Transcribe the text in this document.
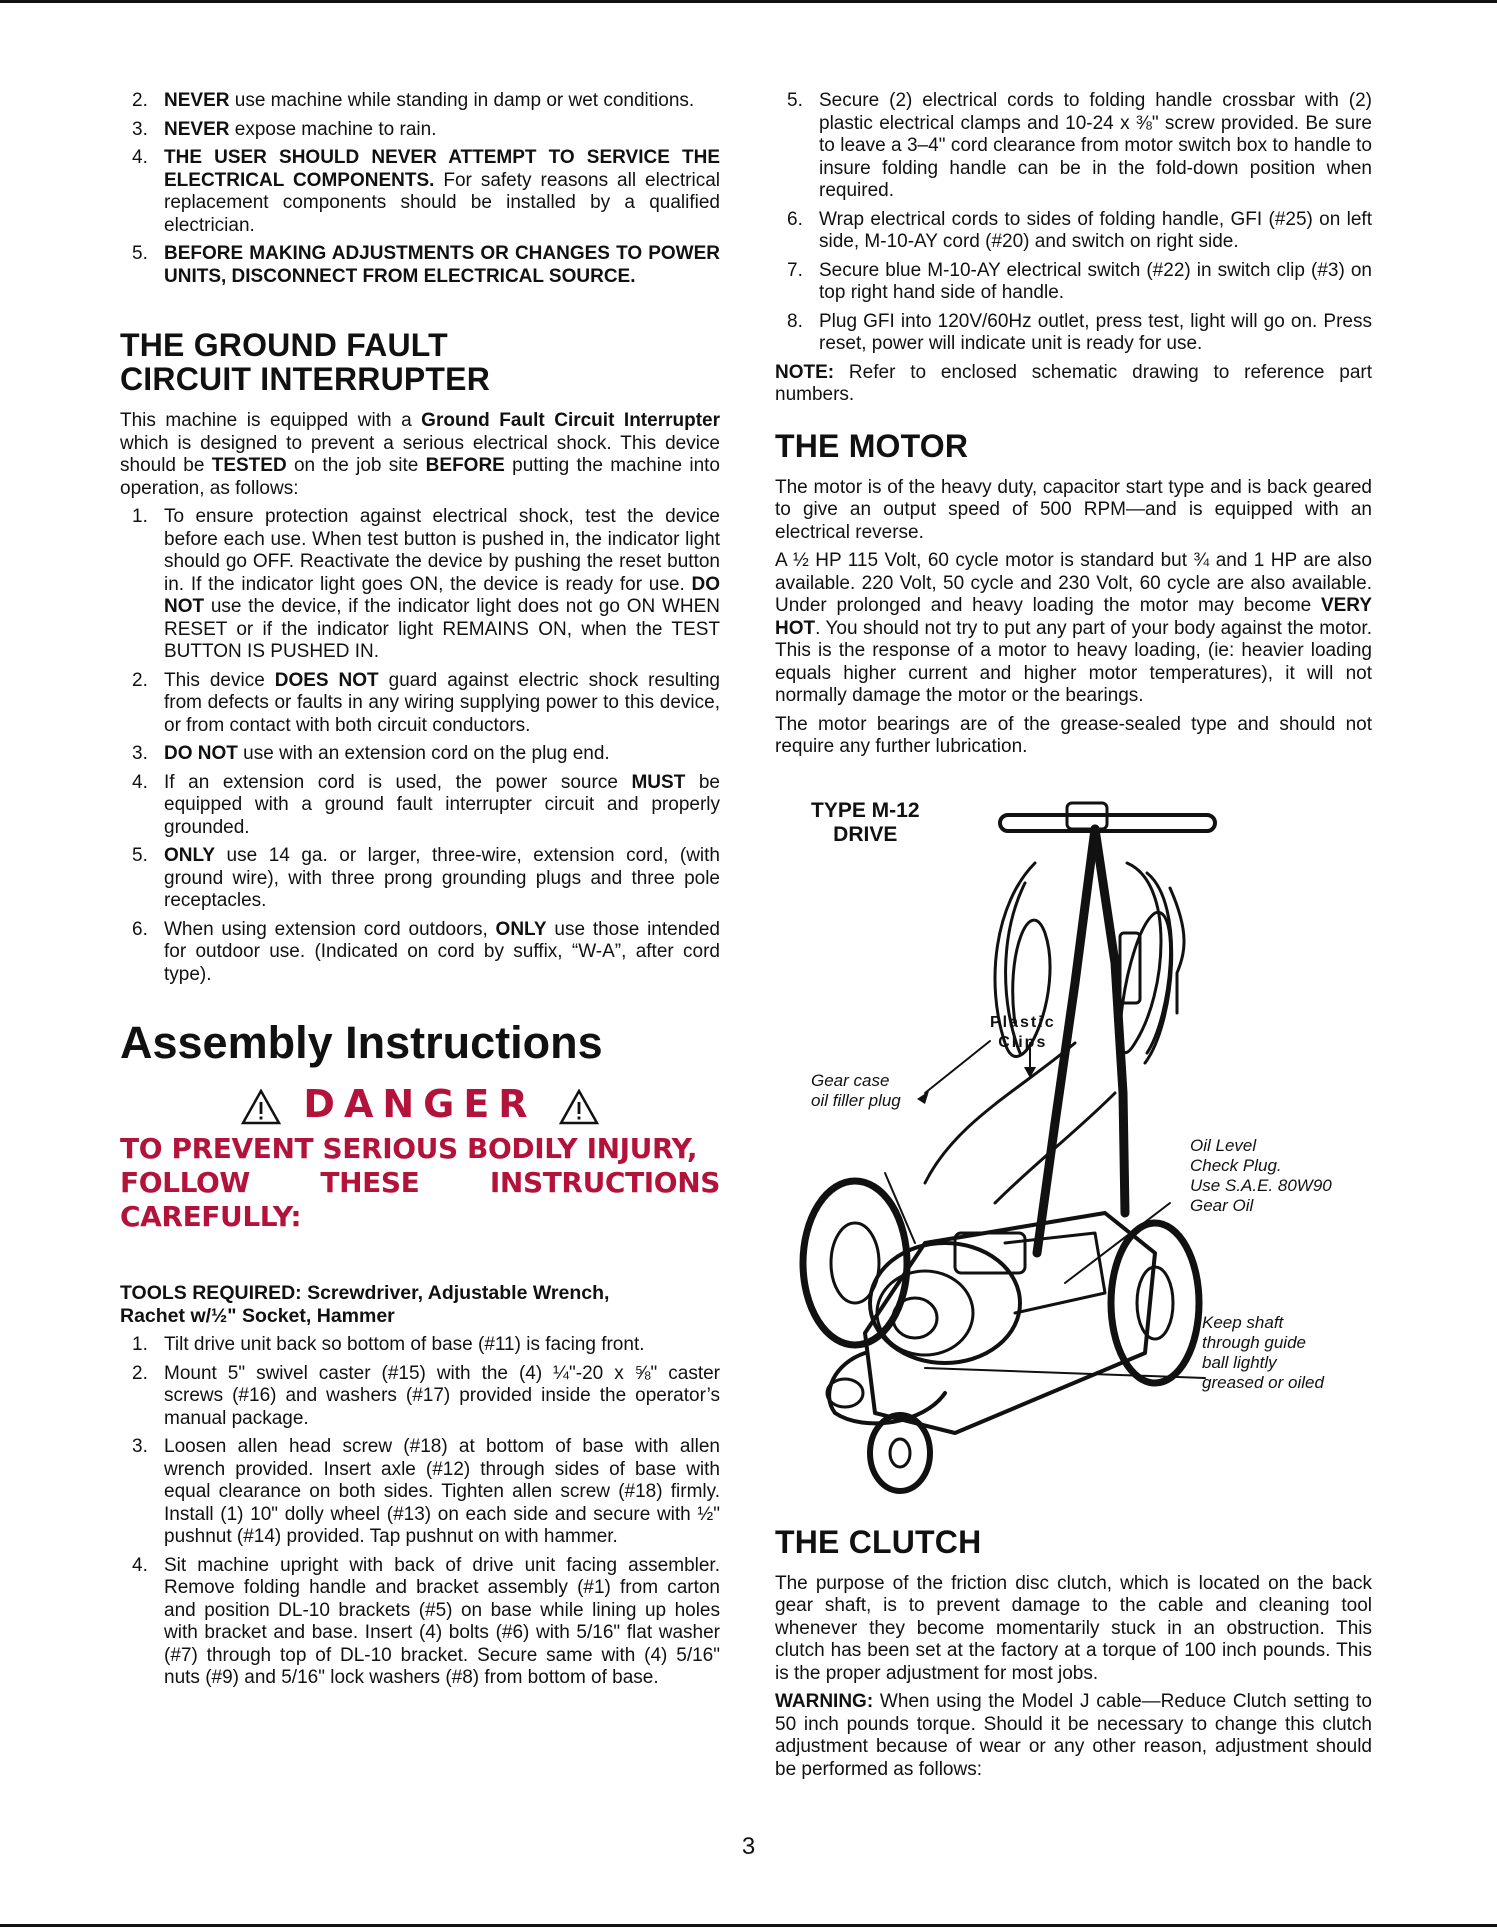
2. NEVER use machine while standing in damp or wet conditions.
3. NEVER expose machine to rain.
4. THE USER SHOULD NEVER ATTEMPT TO SERVICE THE ELECTRICAL COMPONENTS. For safety reasons all electrical replacement components should be installed by a qualified electrician.
5. BEFORE MAKING ADJUSTMENTS OR CHANGES TO POWER UNITS, DISCONNECT FROM ELECTRICAL SOURCE.
THE GROUND FAULT
CIRCUIT INTERRUPTER

This machine is equipped with a Ground Fault Circuit Interrupter which is designed to prevent a serious electrical shock. This device should be TESTED on the job site BEFORE putting the machine into operation, as follows:

1. To ensure protection against electrical shock, test the device before each use. When test button is pushed in, the indicator light should go OFF. Reactivate the device by pushing the reset button in. If the indicator light goes ON, the device is ready for use. DO NOT use the device, if the indicator light does not go ON WHEN RESET or if the indicator light REMAINS ON, when the TEST BUTTON IS PUSHED IN.
2. This device DOES NOT guard against electric shock resulting from defects or faults in any wiring supplying power to this device, or from contact with both circuit conductors.
3. DO NOT use with an extension cord on the plug end.
4. If an extension cord is used, the power source MUST be equipped with a ground fault interrupter circuit and properly grounded.
5. ONLY use 14 ga. or larger, three-wire, extension cord, (with ground wire), with three prong grounding plugs and three pole receptacles.
6. When using extension cord outdoors, ONLY use those intended for outdoor use. (Indicated on cord by suffix, “W-A”, after cord type).
Assembly Instructions
DANGER

TO PREVENT SERIOUS BODILY INJURY,

FOLLOW THESE INSTRUCTIONS CAREFULLY:

TOOLS REQUIRED: Screwdriver, Adjustable Wrench,
Rachet w/½" Socket, Hammer

1. Tilt drive unit back so bottom of base (#11) is facing front.
2. Mount 5" swivel caster (#15) with the (4) ¼"-20 x ⅝" caster screws (#16) and washers (#17) provided inside the operator’s manual package.
3. Loosen allen head screw (#18) at bottom of base with allen wrench provided. Insert axle (#12) through sides of base with equal clearance on both sides. Tighten allen screw (#18) firmly. Install (1) 10" dolly wheel (#13) on each side and secure with ½" pushnut (#14) provided. Tap pushnut on with hammer.
4. Sit machine upright with back of drive unit facing assembler. Remove folding handle and bracket assembly (#1) from carton and position DL-10 brackets (#5) on base while lining up holes with bracket and base. Insert (4) bolts (#6) with 5/16" flat washer (#7) through top of DL-10 bracket. Secure same with (4) 5/16" nuts (#9) and 5/16" lock washers (#8) from bottom of base.
5. Secure (2) electrical cords to folding handle crossbar with (2) plastic electrical clamps and 10-24 x ⅜" screw provided. Be sure to leave a 3–4" cord clearance from motor switch box to handle to insure folding handle can be in the fold-down position when required.
6. Wrap electrical cords to sides of folding handle, GFI (#25) on left side, M-10-AY cord (#20) and switch on right side.
7. Secure blue M-10-AY electrical switch (#22) in switch clip (#3) on top right hand side of handle.
8. Plug GFI into 120V/60Hz outlet, press test, light will go on. Press reset, power will indicate unit is ready for use.

NOTE: Refer to enclosed schematic drawing to reference part numbers.

THE MOTOR

The motor is of the heavy duty, capacitor start type and is back geared to give an output speed of 500 RPM—and is equipped with an electrical reverse.

A ½ HP 115 Volt, 60 cycle motor is standard but ¾ and 1 HP are also available. 220 Volt, 50 cycle and 230 Volt, 60 cycle are also available. Under prolonged and heavy loading the motor may become VERY HOT. You should not try to put any part of your body against the motor. This is the response of a motor to heavy loading, (ie: heavier loading equals higher current and higher motor temperatures), it will not normally damage the motor or the bearings.

The motor bearings are of the grease-sealed type and should not require any further lubrication.

TYPE M-12
DRIVE
Plastic
Clips
Gear case
oil filler plug
Oil Level
Check Plug.
Use S.A.E. 80W90
Gear Oil
Keep shaft
through guide
ball lightly
greased or oiled
THE CLUTCH

The purpose of the friction disc clutch, which is located on the back gear shaft, is to prevent damage to the cable and cleaning tool whenever they become momentarily stuck in an obstruction. This clutch has been set at the factory at a torque of 100 inch pounds. This is the proper adjustment for most jobs.

WARNING: When using the Model J cable—Reduce Clutch setting to 50 inch pounds torque. Should it be necessary to change this clutch adjustment because of wear or any other reason, adjustment should be performed as follows:

3
